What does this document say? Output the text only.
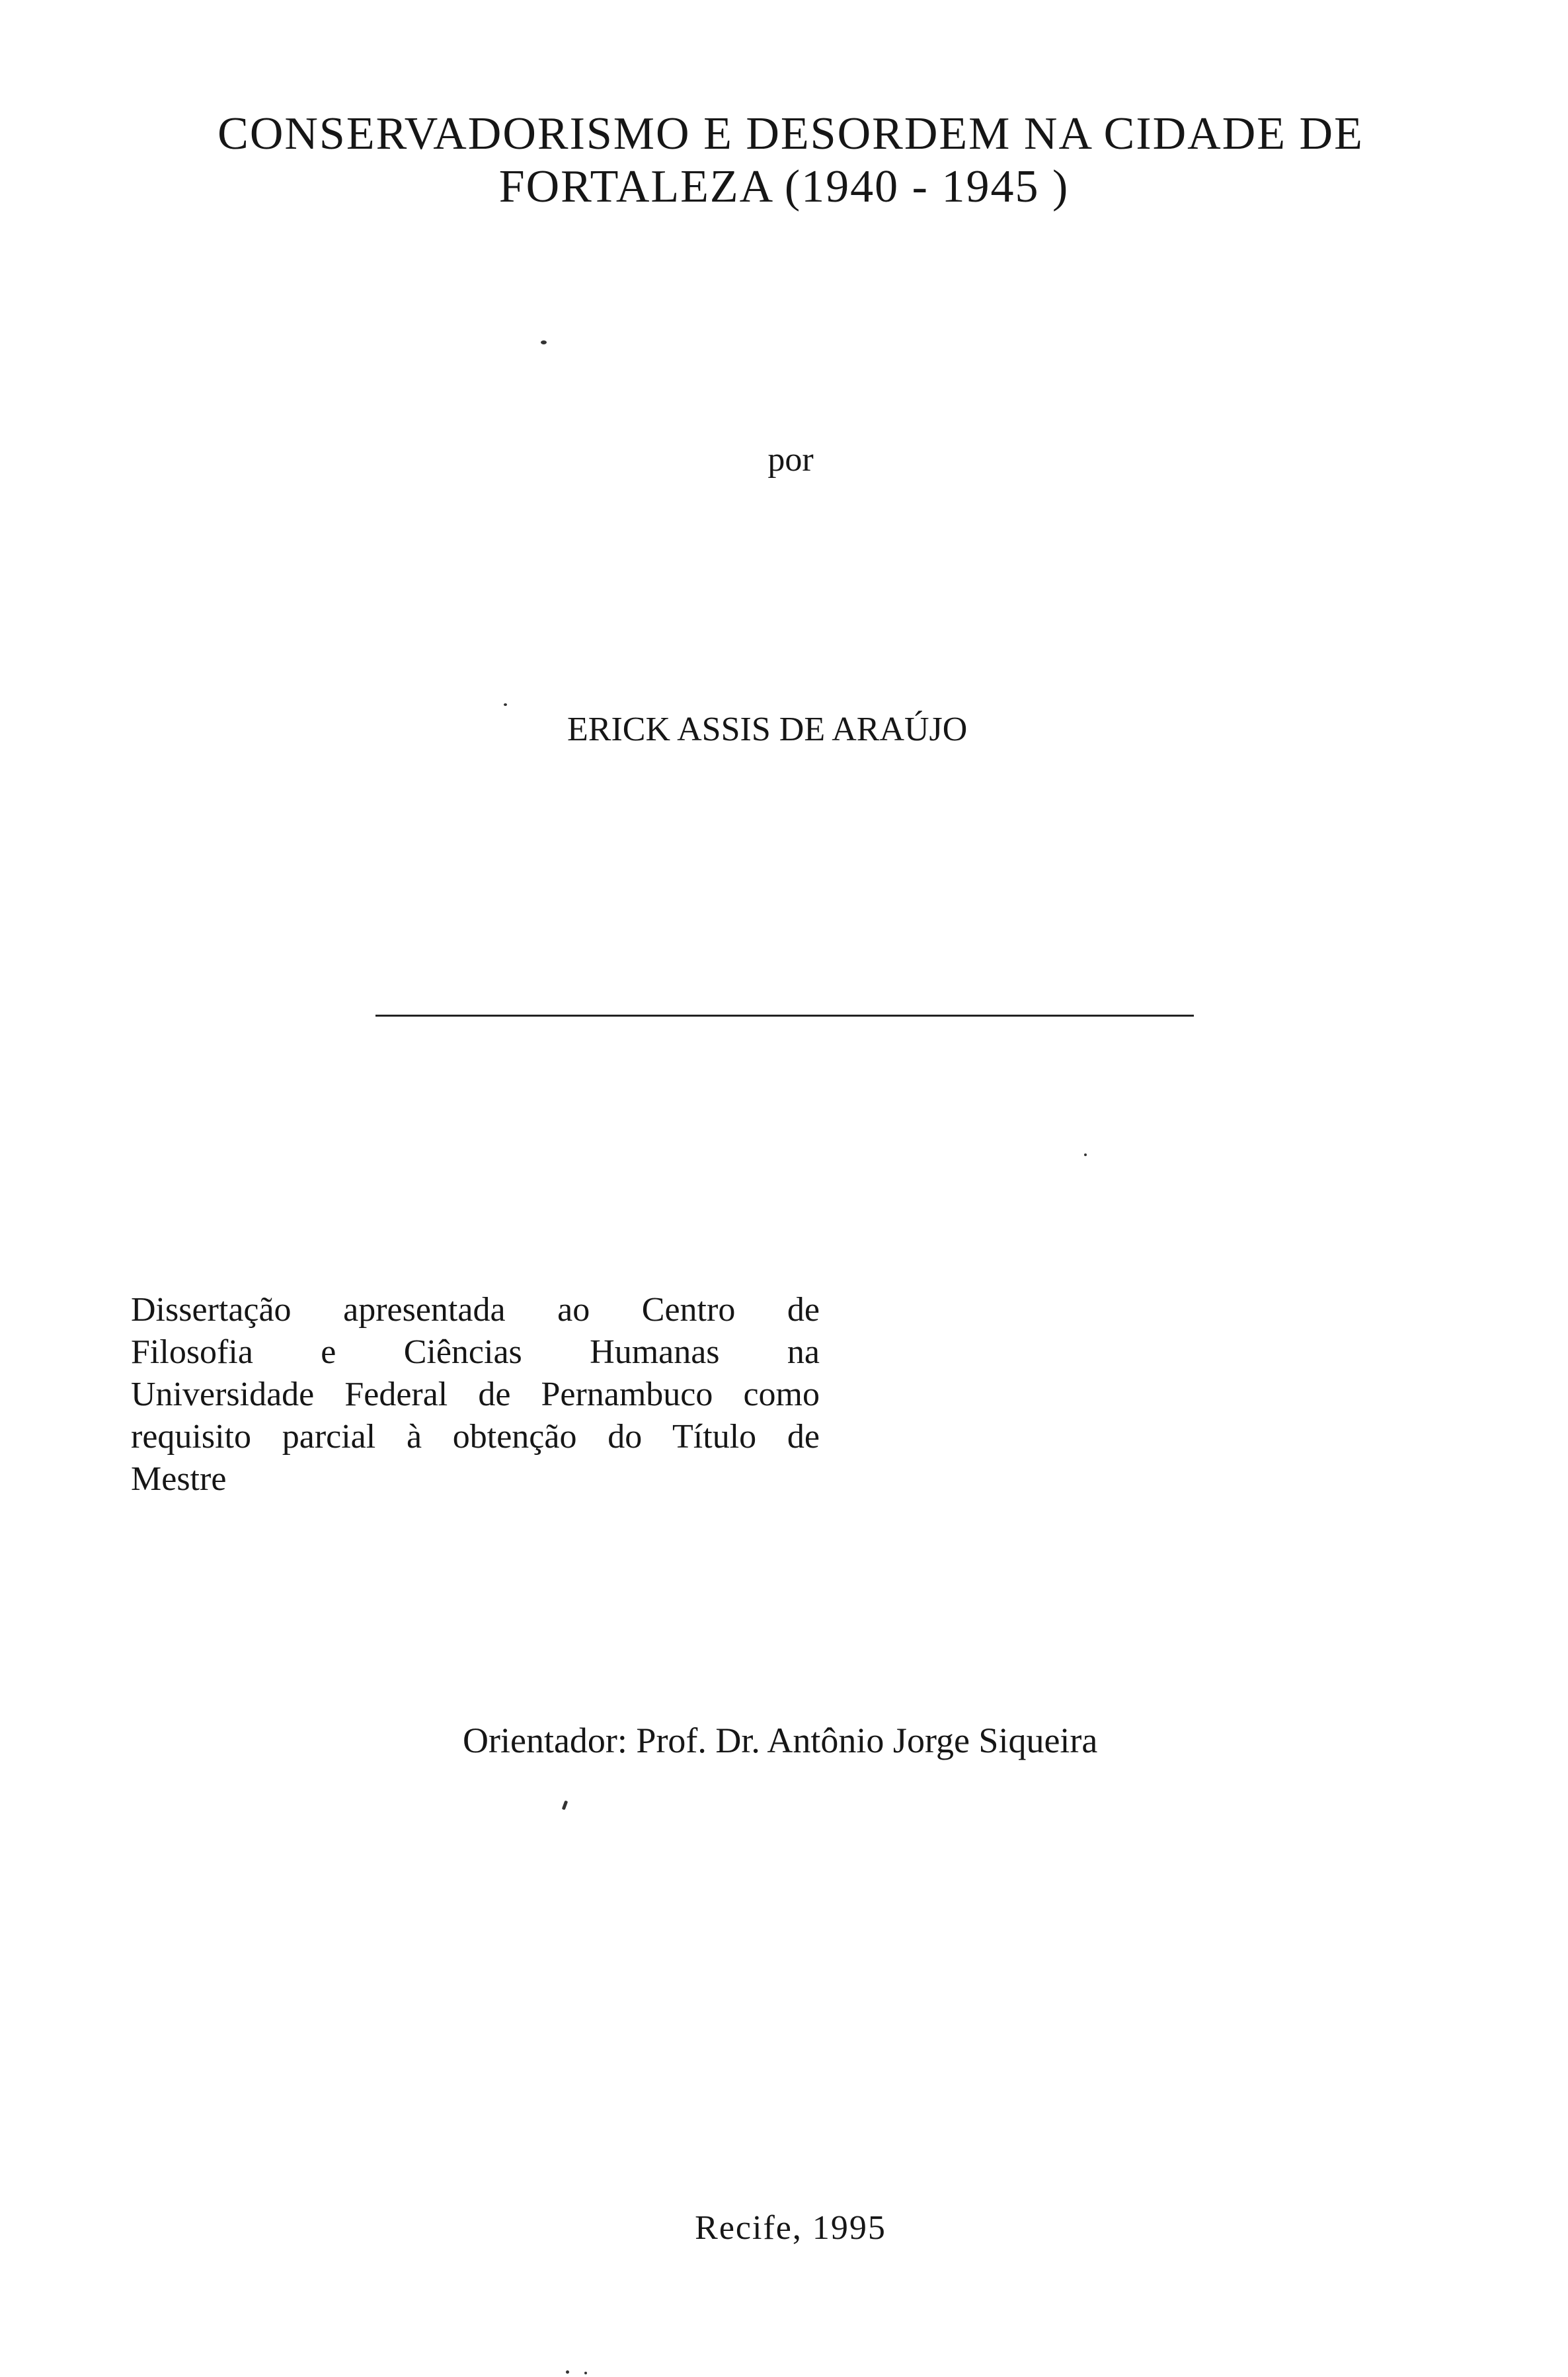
CONSERVADORISMO E DESORDEM NA CIDADE DE
FORTALEZA (1940 - 1945 )
por
ERICK ASSIS DE ARAÚJO
Dissertação apresentada ao Centro de
Filosofia e Ciências Humanas na
Universidade Federal de Pernambuco como
requisito parcial à obtenção do Título de
Mestre
Orientador: Prof. Dr. Antônio Jorge Siqueira
Recife, 1995
